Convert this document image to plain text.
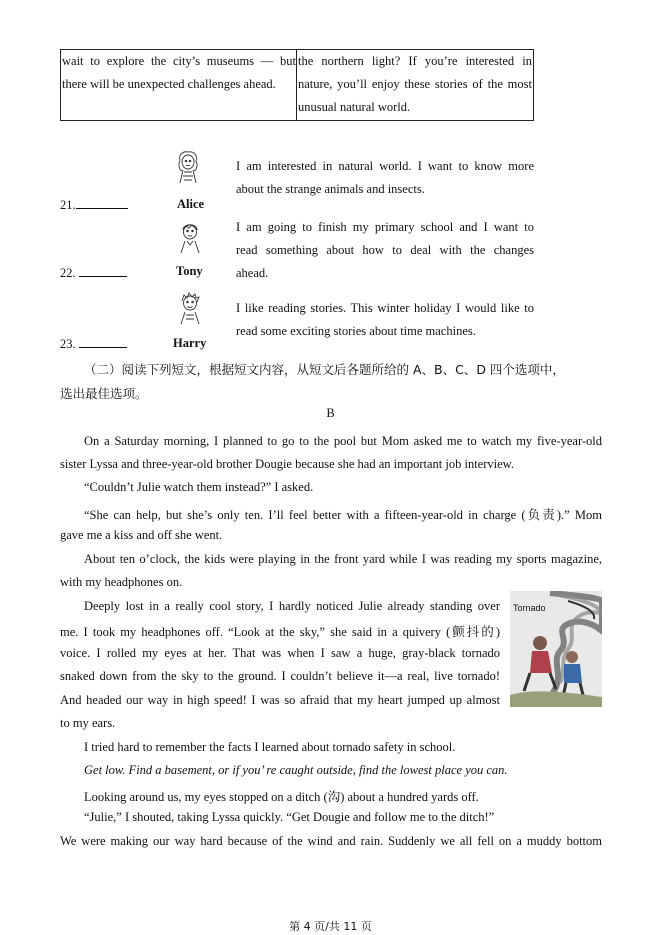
wait to explore the city’s museums — but
there will be unexpected challenges ahead.
the northern light? If you’re interested in
nature, you’ll enjoy these stories of the most
unusual natural world.
21.	Alice
I am interested in natural world. I want to know more
about the strange animals and insects.
22.	Tony
I am going to finish my primary school and I want to
read something about how to deal with the changes
ahead.
23.	Harry
I like reading stories. This winter holiday I would like to
read some exciting stories about time machines.
（二）阅读下列短文，根据短文内容，从短文后各题所给的 A、B、C、D 四个选项中，
选出最佳选项。
B
On a Saturday morning, I planned to go to the pool but Mom asked me to watch my five-year-old
sister Lyssa and three-year-old brother Dougie because she had an important job interview.
“Couldn’t Julie watch them instead?” I asked.
“She can help, but she’s only ten. I’ll feel better with a fifteen-year-old in charge (负责).” Mom
gave me a kiss and off she went.
About ten o’clock, the kids were playing in the front yard while I was reading my sports magazine,
with my headphones on.
Deeply lost in a really cool story, I hardly noticed Julie already standing over
me. I took my headphones off. “Look at the sky,” she said in a quivery (颤抖的)
voice. I rolled my eyes at her. That was when I saw a huge, gray-black tornado
snaked down from the sky to the ground. I couldn’t believe it—a real, live tornado!
And headed our way in high speed! I was so afraid that my heart jumped up almost
to my ears.
Tornado
I tried hard to remember the facts I learned about tornado safety in school.
Get low. Find a basement, or if you’ re caught outside, find the lowest place you can.
Looking around us, my eyes stopped on a ditch (沟) about a hundred yards off.
“Julie,” I shouted, taking Lyssa quickly. “Get Dougie and follow me to the ditch!”
We were making our way hard because of the wind and rain. Suddenly we all fell on a muddy bottom
第 4 页/共 11 页
